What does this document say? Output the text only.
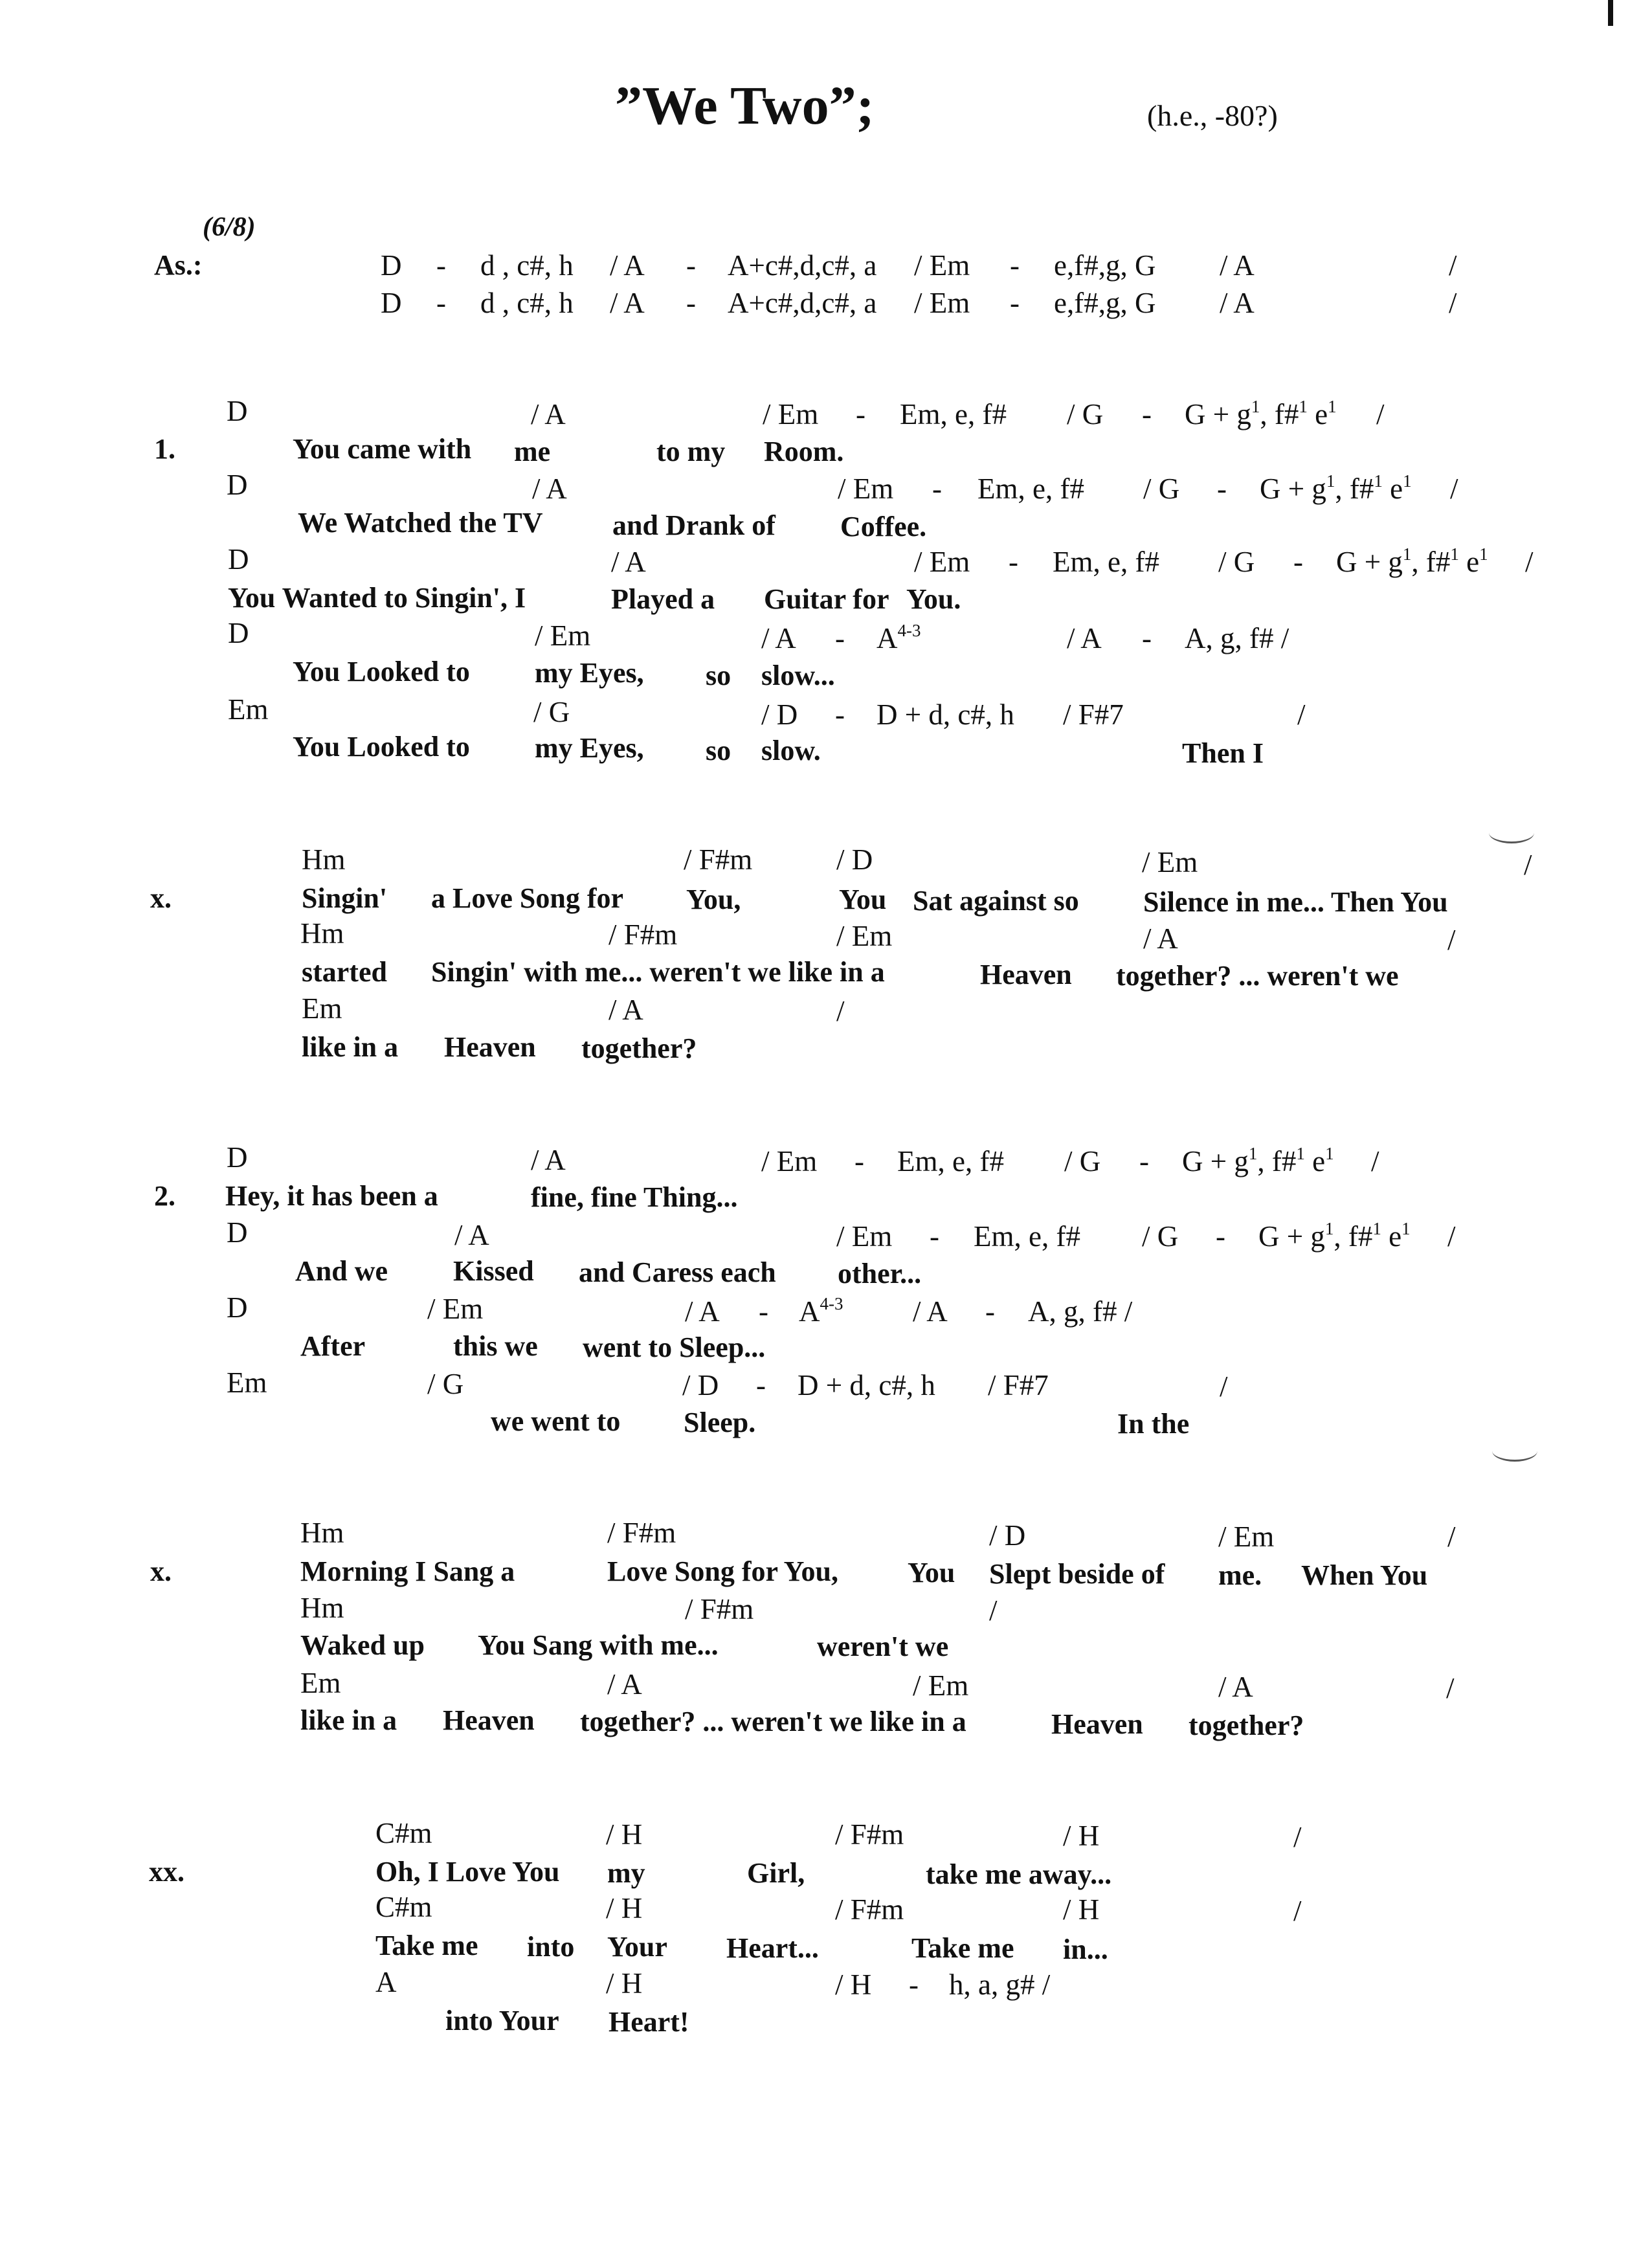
”We Two”;	(h.e., -80?)
(6/8)
As.:	D - d , c#, h / A - A+c#,d,c#, a / Em - e,f#,g, G / A	/
D - d , c#, h / A - A+c#,d,c#, a / Em - e,f#,g, G / A	/
1.
D	/ A	/ Em - Em, e, f# / $G - G + g^1$, f#$^1$ $e^1$ /
You came with me	to my Room.
D	/ A	/ Em - Em, e, f# / $G - G + g^1$, f#$^1$ $e^1$ /
We Watched the TV and Drank of Coffee.
D	/ A	/ Em - Em, e, f# / $G - G + g^1$, f#$^1$ $e^1$ /
You Wanted to Singin', I	Played a Guitar for You.
D	/ Em	/ A - $A^{4-3}$	/ A - A, g, f# /
You Looked to my Eyes, so slow...
Em	/ G	/ D - D + d, c#, h / F#7	/
You Looked to my Eyes, so slow.	Then I
x.
Hm	/ F#m	/ D	/ Em	/
Singin' a Love Song for You,	You Sat against so Silence in me... Then You
Hm	/ F#m	/ Em	/ A	/
started Singin' with me... weren't we like in a	Heaven together? ... weren't we
Em	/ A	/
like in a Heaven together?
2.
D	/ A	/ Em - Em, e, f# / $G - G + g^1$, f#$^1$ $e^1$ /
Hey, it has been a	fine, fine Thing...
D	/ A	/ Em - Em, e, f# / $G - G + g^1$, f#$^1$ $e^1$ /
And we Kissed and Caress each other...
D	/ Em	/ A - $A^{4-3}$ / A - A, g, f# /
After	this we went to Sleep...
Em	/ G	/ D - D + d, c#, h / F#7	/
we went to Sleep.	In the
x.
Hm	/ F#m	/ D	/ Em	/
Morning I Sang a	Love Song for You, You Slept beside of me. When You
Hm	/ F#m	/
Waked up You Sang with me...	weren't we
Em	/ A	/ Em	/ A	/
like in a Heaven together? ... weren't we like in a	Heaven together?
xx.
C#m	/ H	/ F#m	/ H	/
Oh, I Love You my	Girl,	take me away...
C#m	/ H	/ F#m	/ H	/
Take me into Your Heart...	Take me in...
A	/ H	/ H - h, a, g# /
into Your Heart!
